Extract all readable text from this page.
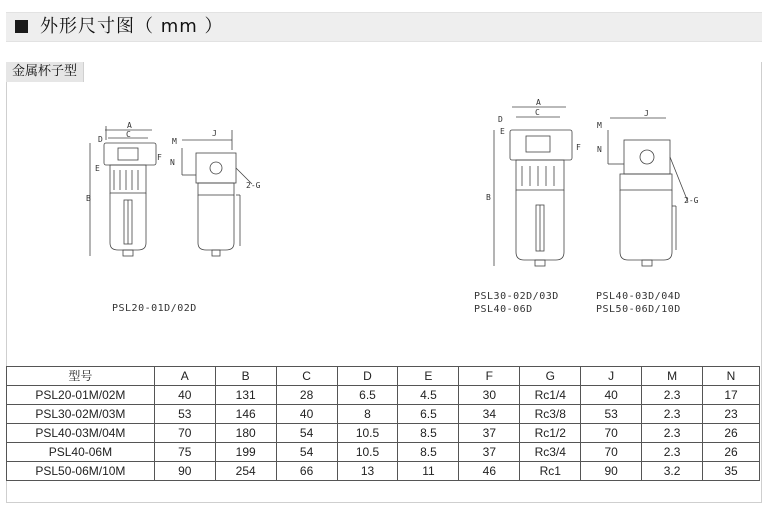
外形尺寸图（ mm ）
金属杯子型
B
A
C
D
E
F
J
M
N
2-G
B
A
C
D
E
F
J
M
N
2-G
PSL20-01D/02D
PSL30-02D/03D
PSL40-06D
PSL40-03D/04D
PSL50-06D/10D
型号	A	B	C	D	E	F	G	J	M	N
PSL20-01M/02M	40	131	28	6.5	4.5	30	Rc1/4	40	2.3	17
PSL30-02M/03M	53	146	40	8	6.5	34	Rc3/8	53	2.3	23
PSL40-03M/04M	70	180	54	10.5	8.5	37	Rc1/2	70	2.3	26
PSL40-06M	75	199	54	10.5	8.5	37	Rc3/4	70	2.3	26
PSL50-06M/10M	90	254	66	13	11	46	Rc1	90	3.2	35
